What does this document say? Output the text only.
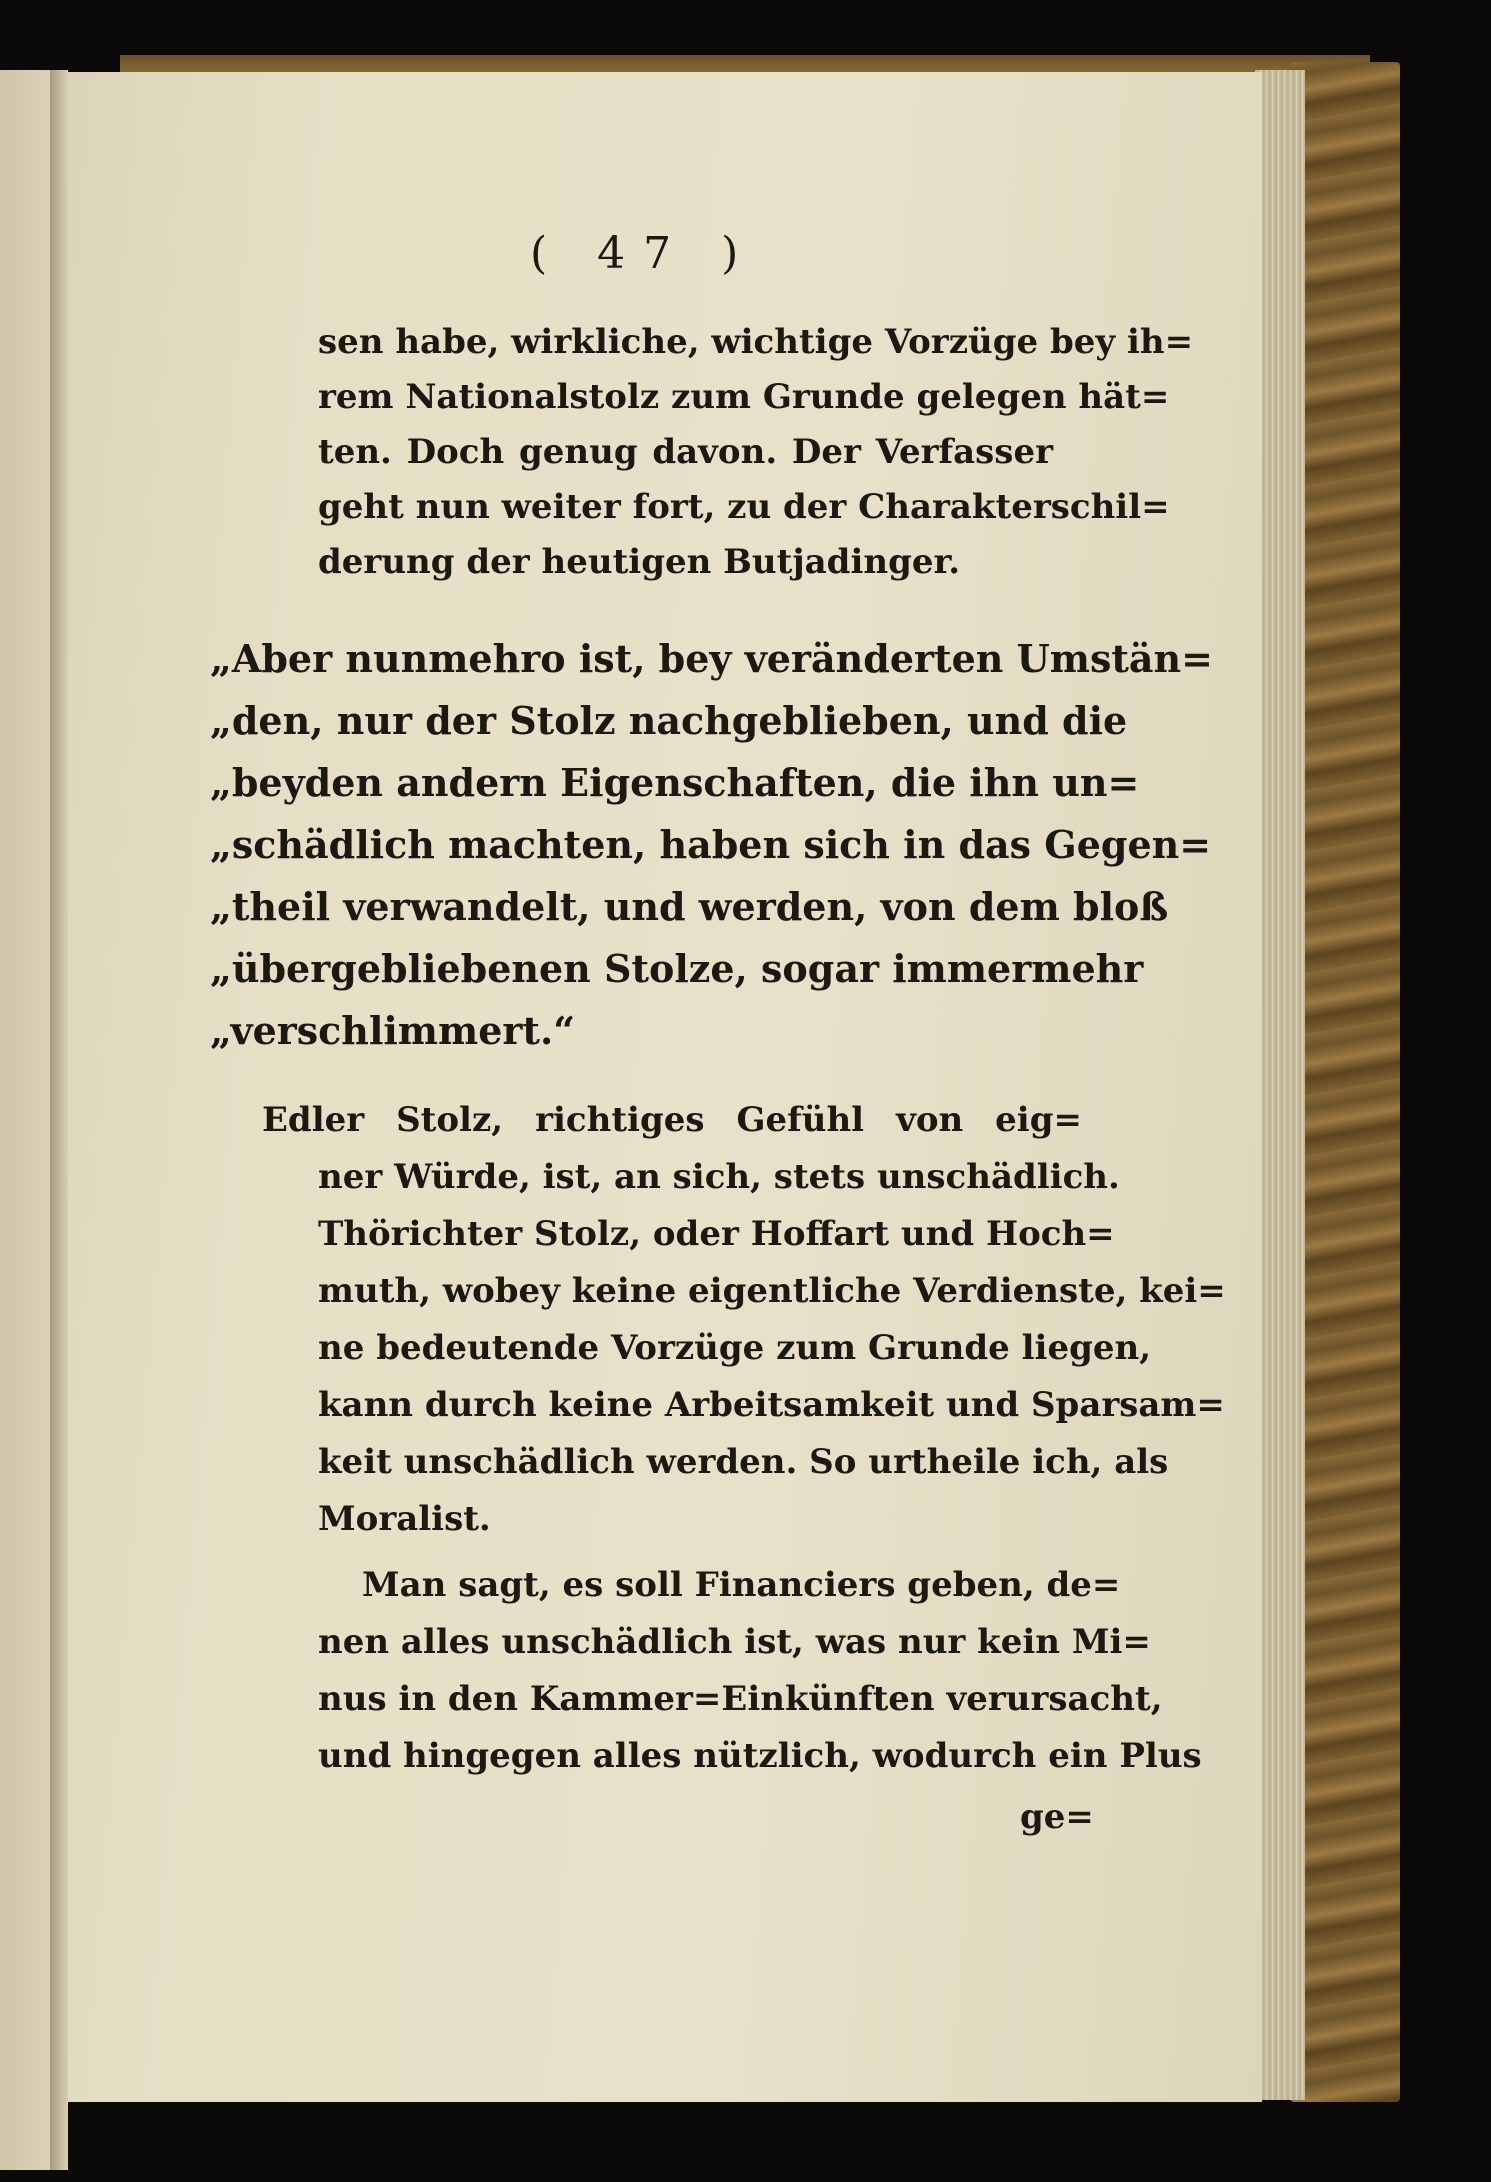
( 47 )
sen habe, wirkliche, wichtige Vorzüge bey ih=
rem Nationalstolz zum Grunde gelegen hät=
ten. Doch genug davon. Der Verfasser
geht nun weiter fort, zu der Charakterschil=
derung der heutigen Butjadinger.
„Aber nunmehro ist, bey veränderten Umstän=
„den, nur der Stolz nachgeblieben, und die
„beyden andern Eigenschaften, die ihn un=
„schädlich machten, haben sich in das Gegen=
„theil verwandelt, und werden, von dem bloß
„übergebliebenen Stolze, sogar immermehr
„verschlimmert.“
Edler Stolz, richtiges Gefühl von eig=
ner Würde, ist, an sich, stets unschädlich.
Thörichter Stolz, oder Hoffart und Hoch=
muth, wobey keine eigentliche Verdienste, kei=
ne bedeutende Vorzüge zum Grunde liegen,
kann durch keine Arbeitsamkeit und Sparsam=
keit unschädlich werden. So urtheile ich, als
Moralist.
Man sagt, es soll Financiers geben, de=
nen alles unschädlich ist, was nur kein Mi=
nus in den Kammer=Einkünften verursacht,
und hingegen alles nützlich, wodurch ein Plus
ge=
